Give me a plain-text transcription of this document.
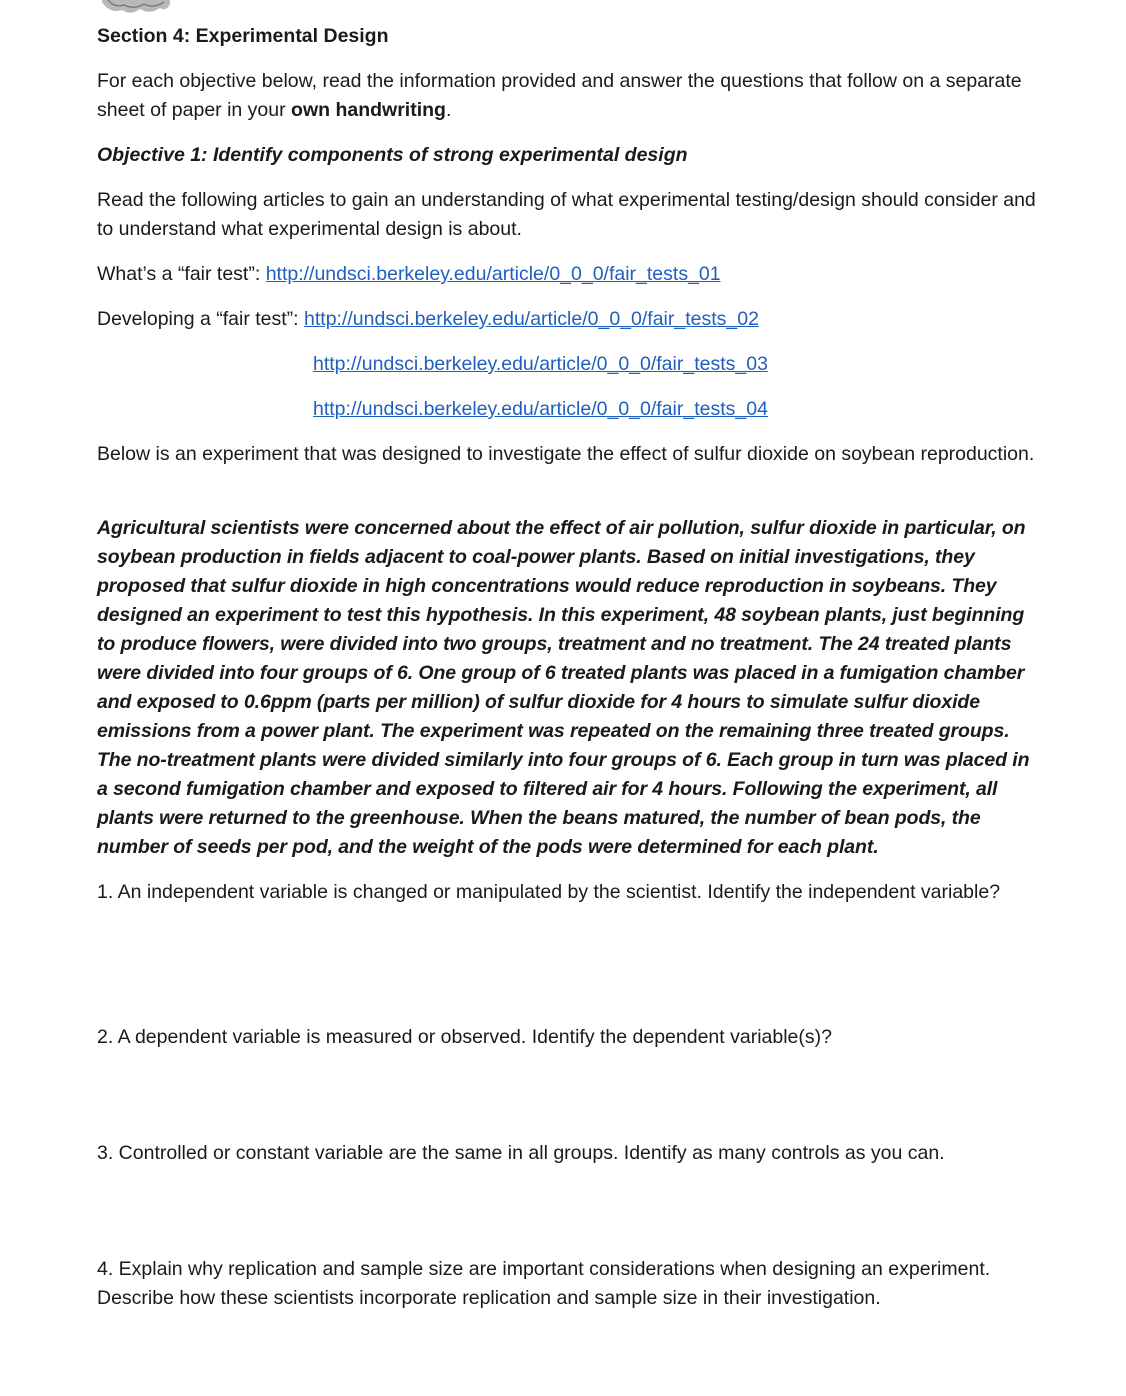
Section 4: Experimental Design

For each objective below, read the information provided and answer the questions that follow on a separate sheet of paper in your own handwriting.

Objective 1: Identify components of strong experimental design

Read the following articles to gain an understanding of what experimental testing/design should consider and to understand what experimental design is about.

What’s a “fair test”: http://undsci.berkeley.edu/article/0_0_0/fair_tests_01

Developing a “fair test”: http://undsci.berkeley.edu/article/0_0_0/fair_tests_02

http://undsci.berkeley.edu/article/0_0_0/fair_tests_03

http://undsci.berkeley.edu/article/0_0_0/fair_tests_04

Below is an experiment that was designed to investigate the effect of sulfur dioxide on soybean reproduction.

Agricultural scientists were concerned about the effect of air pollution, sulfur dioxide in particular, on soybean production in fields adjacent to coal-power plants. Based on initial investigations, they proposed that sulfur dioxide in high concentrations would reduce reproduction in soybeans. They designed an experiment to test this hypothesis. In this experiment, 48 soybean plants, just beginning to produce flowers, were divided into two groups, treatment and no treatment. The 24 treated plants were divided into four groups of 6. One group of 6 treated plants was placed in a fumigation chamber and exposed to 0.6ppm (parts per million) of sulfur dioxide for 4 hours to simulate sulfur dioxide emissions from a power plant. The experiment was repeated on the remaining three treated groups. The no-treatment plants were divided similarly into four groups of 6. Each group in turn was placed in a second fumigation chamber and exposed to filtered air for 4 hours. Following the experiment, all plants were returned to the greenhouse. When the beans matured, the number of bean pods, the number of seeds per pod, and the weight of the pods were determined for each plant.

1. An independent variable is changed or manipulated by the scientist. Identify the independent variable?

2. A dependent variable is measured or observed. Identify the dependent variable(s)?

3. Controlled or constant variable are the same in all groups. Identify as many controls as you can.

4. Explain why replication and sample size are important considerations when designing an experiment. Describe how these scientists incorporate replication and sample size in their investigation.
